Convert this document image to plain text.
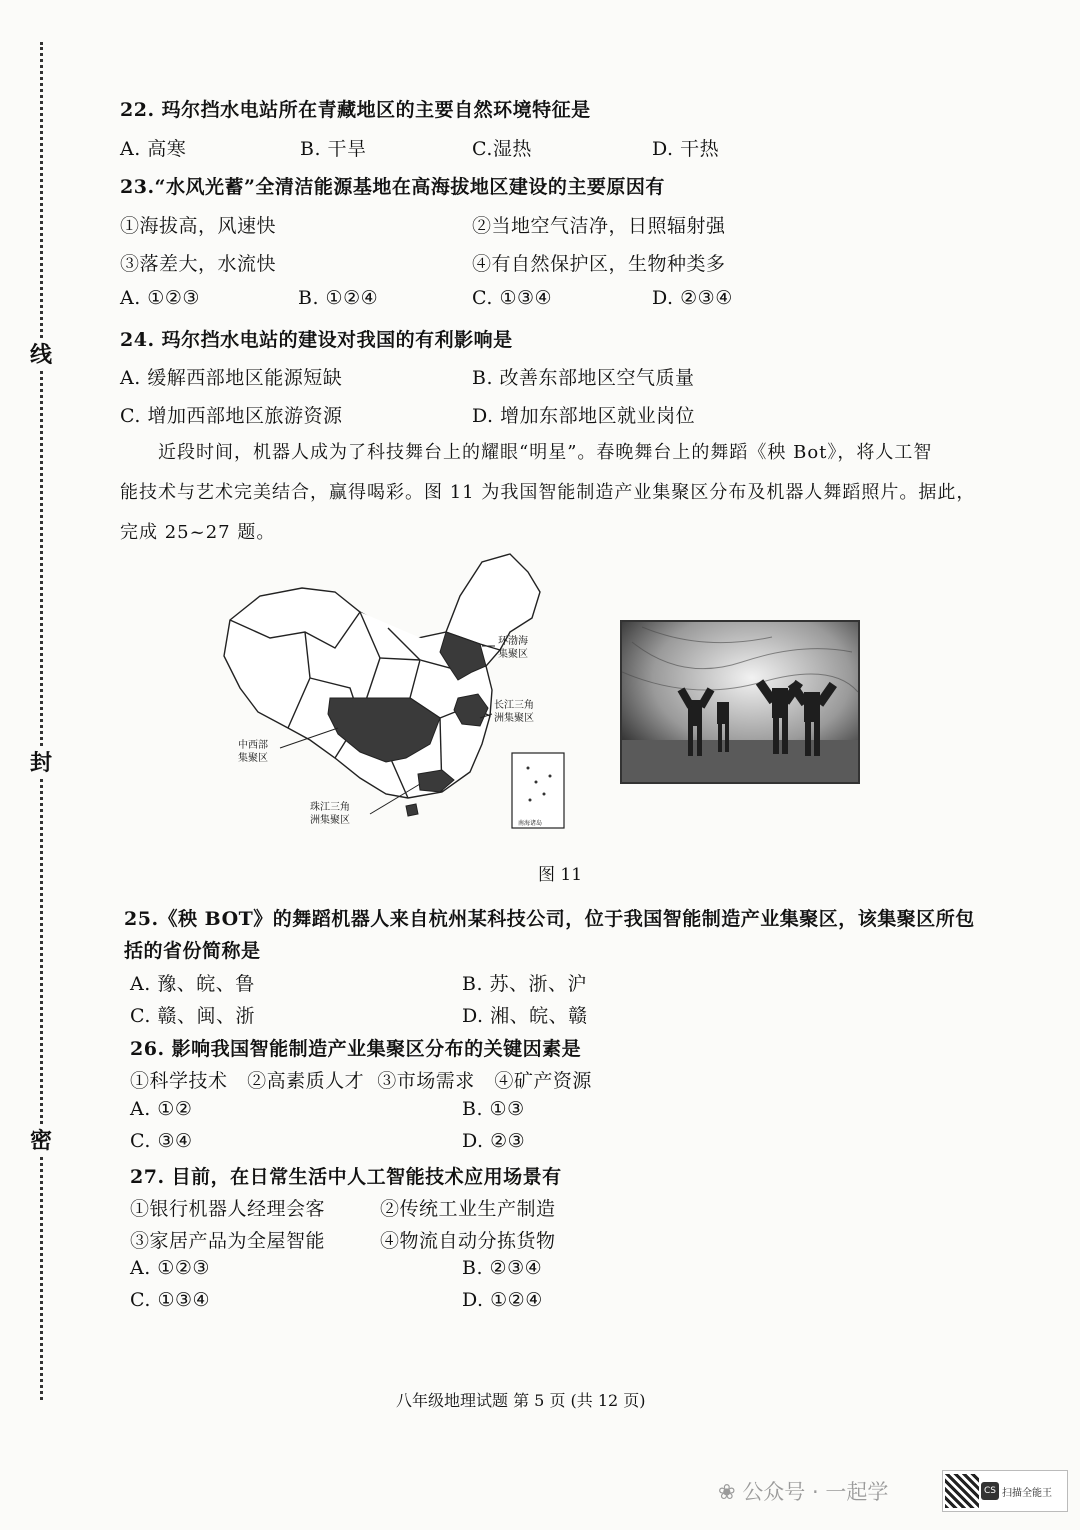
线
封
密
22. 玛尔挡水电站所在青藏地区的主要自然环境特征是
A. 高寒	B. 干旱	C.湿热	D. 干热
23.“水风光蓄”全清洁能源基地在高海拔地区建设的主要原因有
①海拔高，风速快	②当地空气洁净，日照辐射强
③落差大，水流快	④有自然保护区，生物种类多
A. ①②③	B. ①②④	C. ①③④	D. ②③④
24. 玛尔挡水电站的建设对我国的有利影响是
A. 缓解西部地区能源短缺	B. 改善东部地区空气质量
C. 增加西部地区旅游资源	D. 增加东部地区就业岗位
近段时间，机器人成为了科技舞台上的耀眼“明星”。春晚舞台上的舞蹈《秧 Bot》，将人工智
能技术与艺术完美结合，赢得喝彩。图 11 为我国智能制造产业集聚区分布及机器人舞蹈照片。据此，
完成 25~27 题。
环渤海
集聚区
长江三角
洲集聚区
中西部
集聚区
珠江三角
洲集聚区	南海诸岛
图 11
25.《秧 BOT》的舞蹈机器人来自杭州某科技公司，位于我国智能制造产业集聚区，该集聚区所包
括的省份简称是
A. 豫、皖、鲁	B. 苏、浙、沪
C. 赣、闽、浙	D. 湘、皖、赣
26. 影响我国智能制造产业集聚区分布的关键因素是
①科学技术   ②高素质人才  ③市场需求   ④矿产资源
A. ①②	B. ①③
C. ③④	D. ②③
27. 目前，在日常生活中人工智能技术应用场景有
①银行机器人经理会客	②传统工业生产制造
③家居产品为全屋智能	④物流自动分拣货物
A. ①②③	B. ②③④
C. ①③④	D. ①②④
八年级地理试题 第 5 页 (共 12 页)
❀ 公众号 · 一起学	CS 扫描全能王
